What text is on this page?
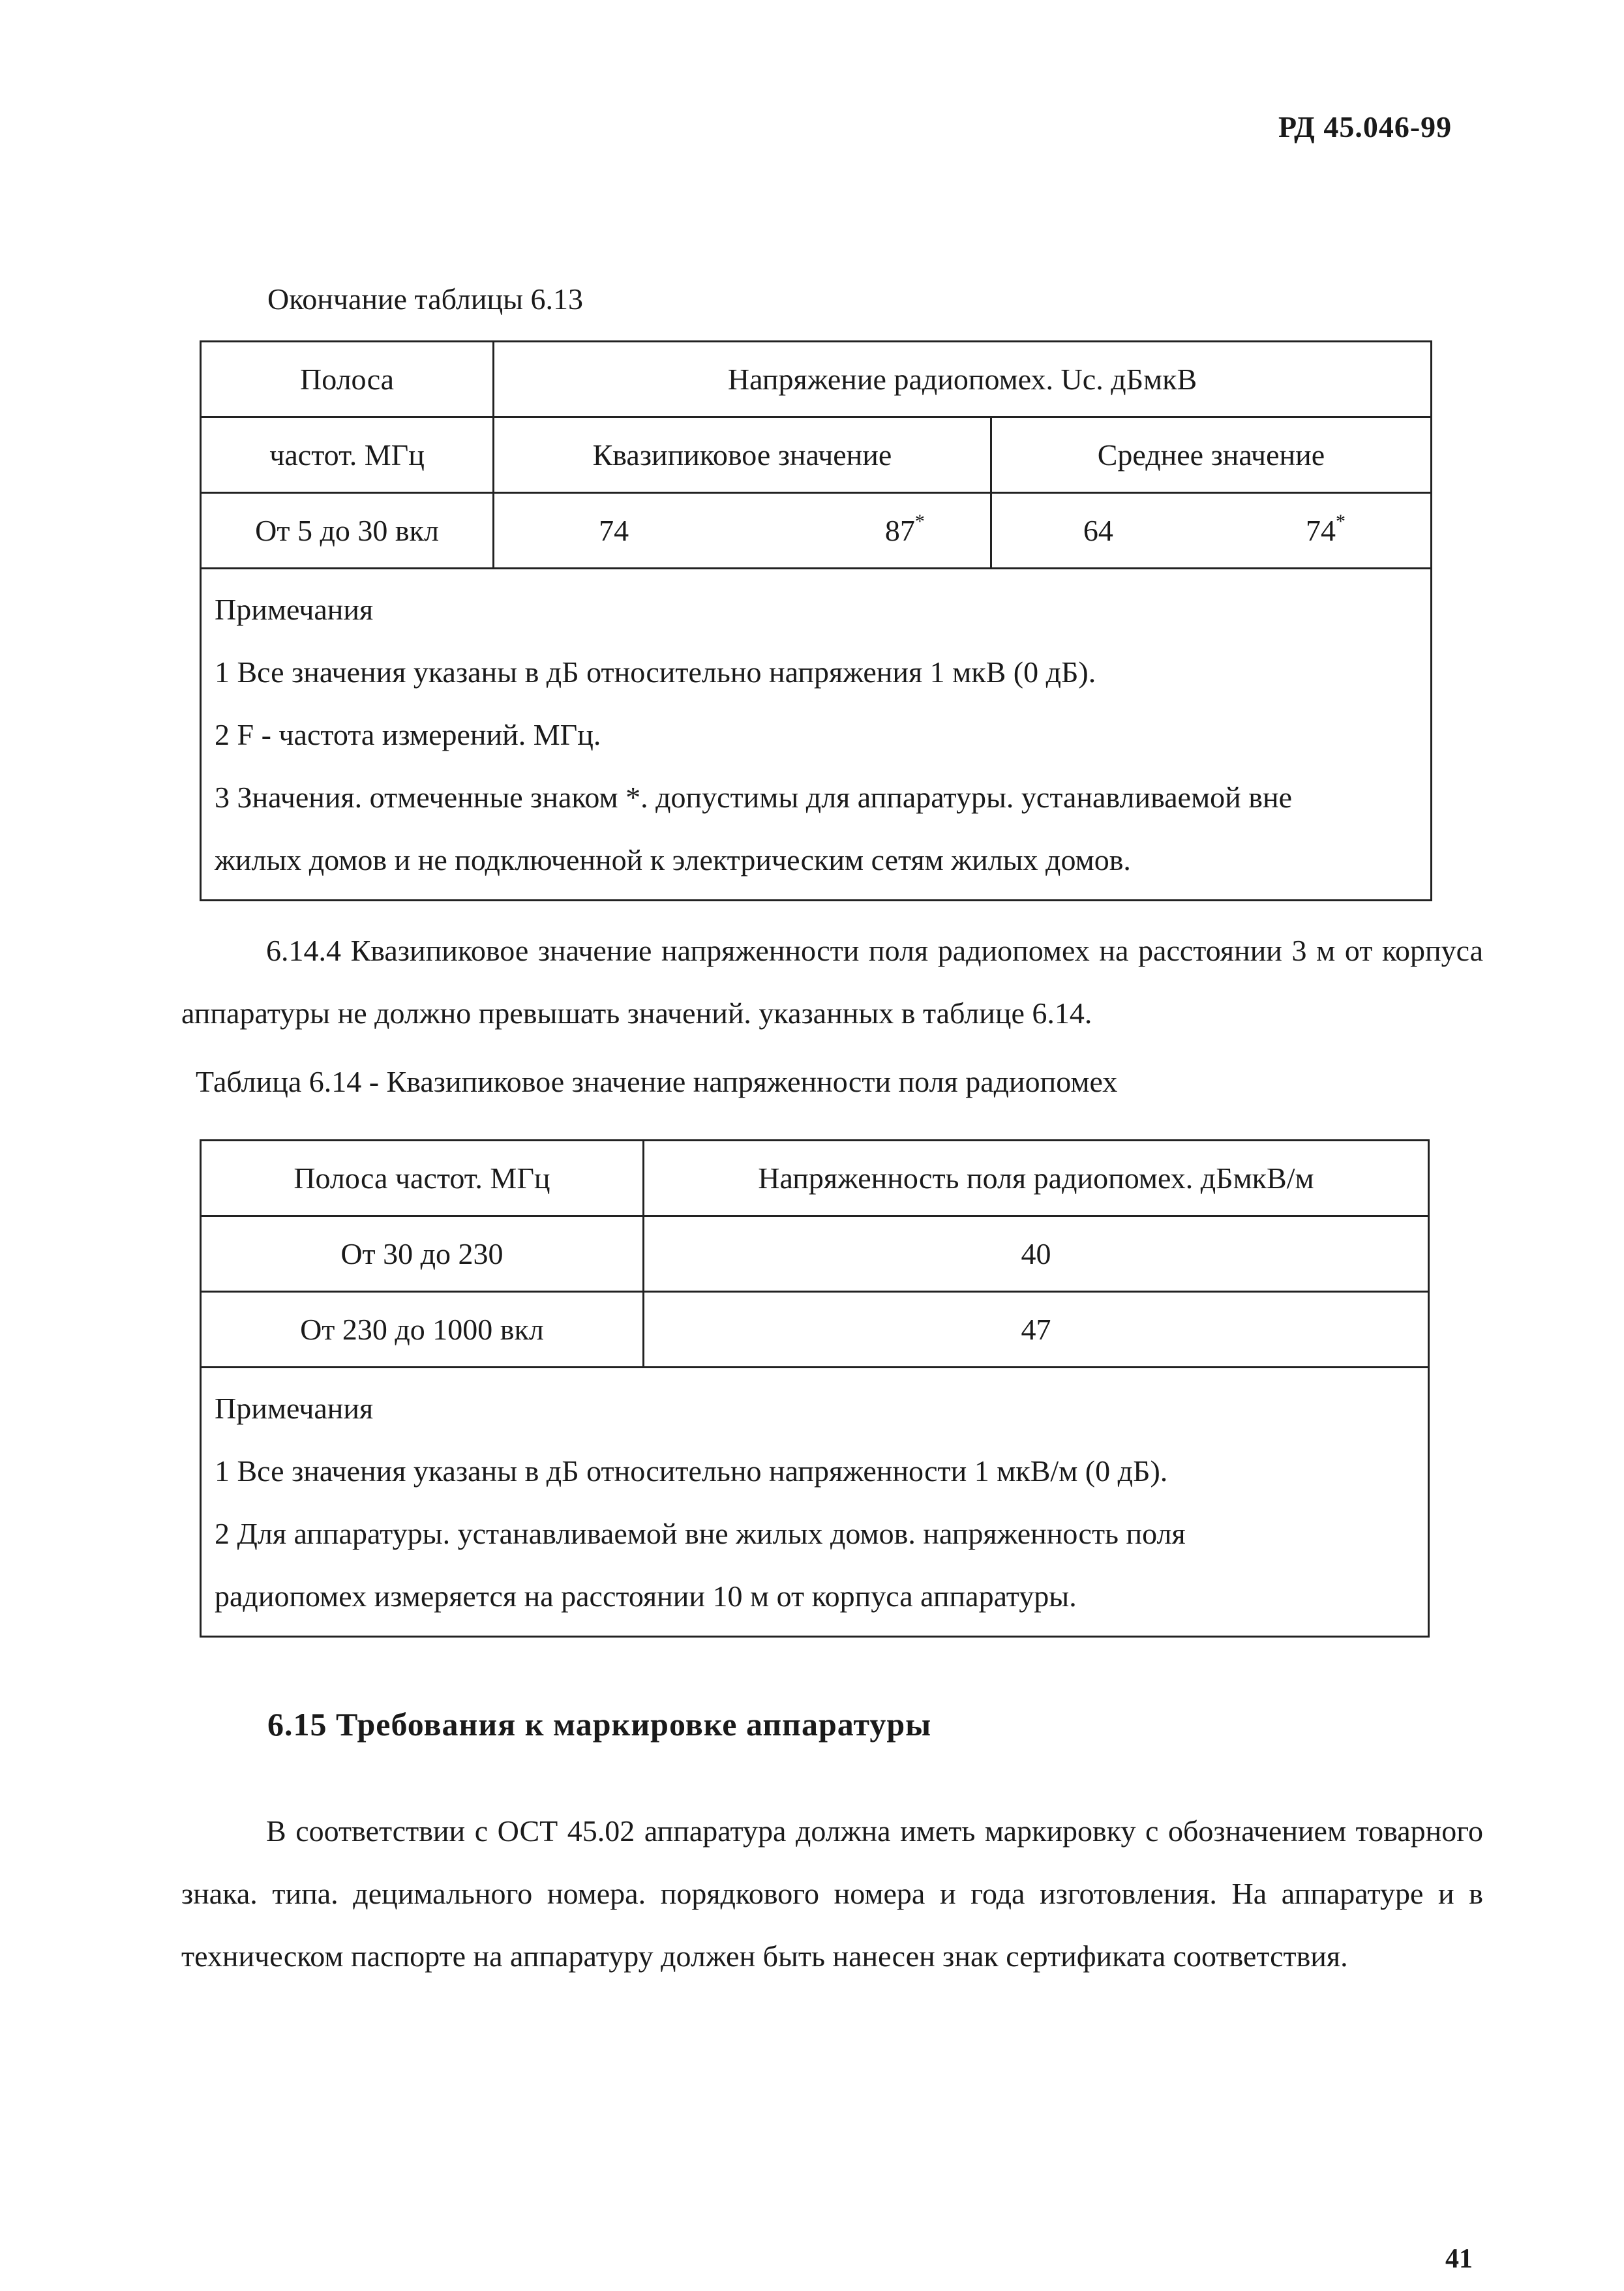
РД 45.046-99
Окончание таблицы 6.13
Полоса	Напряжение радиопомех. Uc. дБмкВ	
частот. МГц	Квазипиковое значение	Среднее значение
От 5 до 30 вкл	74 87*	64 74*

Примечания
1 Все значения указаны в дБ относительно напряжения 1 мкВ (0 дБ).
2 F - частота измерений. МГц.
3 Значения. отмеченные знаком *. допустимы для аппаратуры. устанавливаемой вне
жилых домов и не подключенной к электрическим сетям жилых домов.		
6.14.4 Квазипиковое значение напряженности поля радиопомех на расстоянии 3 м от корпуса аппаратуры не должно превышать значений. указанных в таблице 6.14.
Таблица 6.14 - Квазипиковое значение напряженности поля радиопомех
Полоса частот. МГц	Напряженность поля радиопомех. дБмкВ/м
От 30 до 230	40
От 230 до 1000 вкл	47

Примечания
1 Все значения указаны в дБ относительно напряженности 1 мкВ/м (0 дБ).
2 Для аппаратуры. устанавливаемой вне жилых домов. напряженность поля
радиопомех измеряется на расстоянии 10 м от корпуса аппаратуры.	
6.15 Требования к маркировке аппаратуры
В соответствии с ОСТ 45.02 аппаратура должна иметь маркировку с обозначением товарного знака. типа. децимального номера. порядкового номера и года изготовления. На аппаратуре и в техническом паспорте на аппаратуру должен быть нанесен знак сертификата соответствия.
41
